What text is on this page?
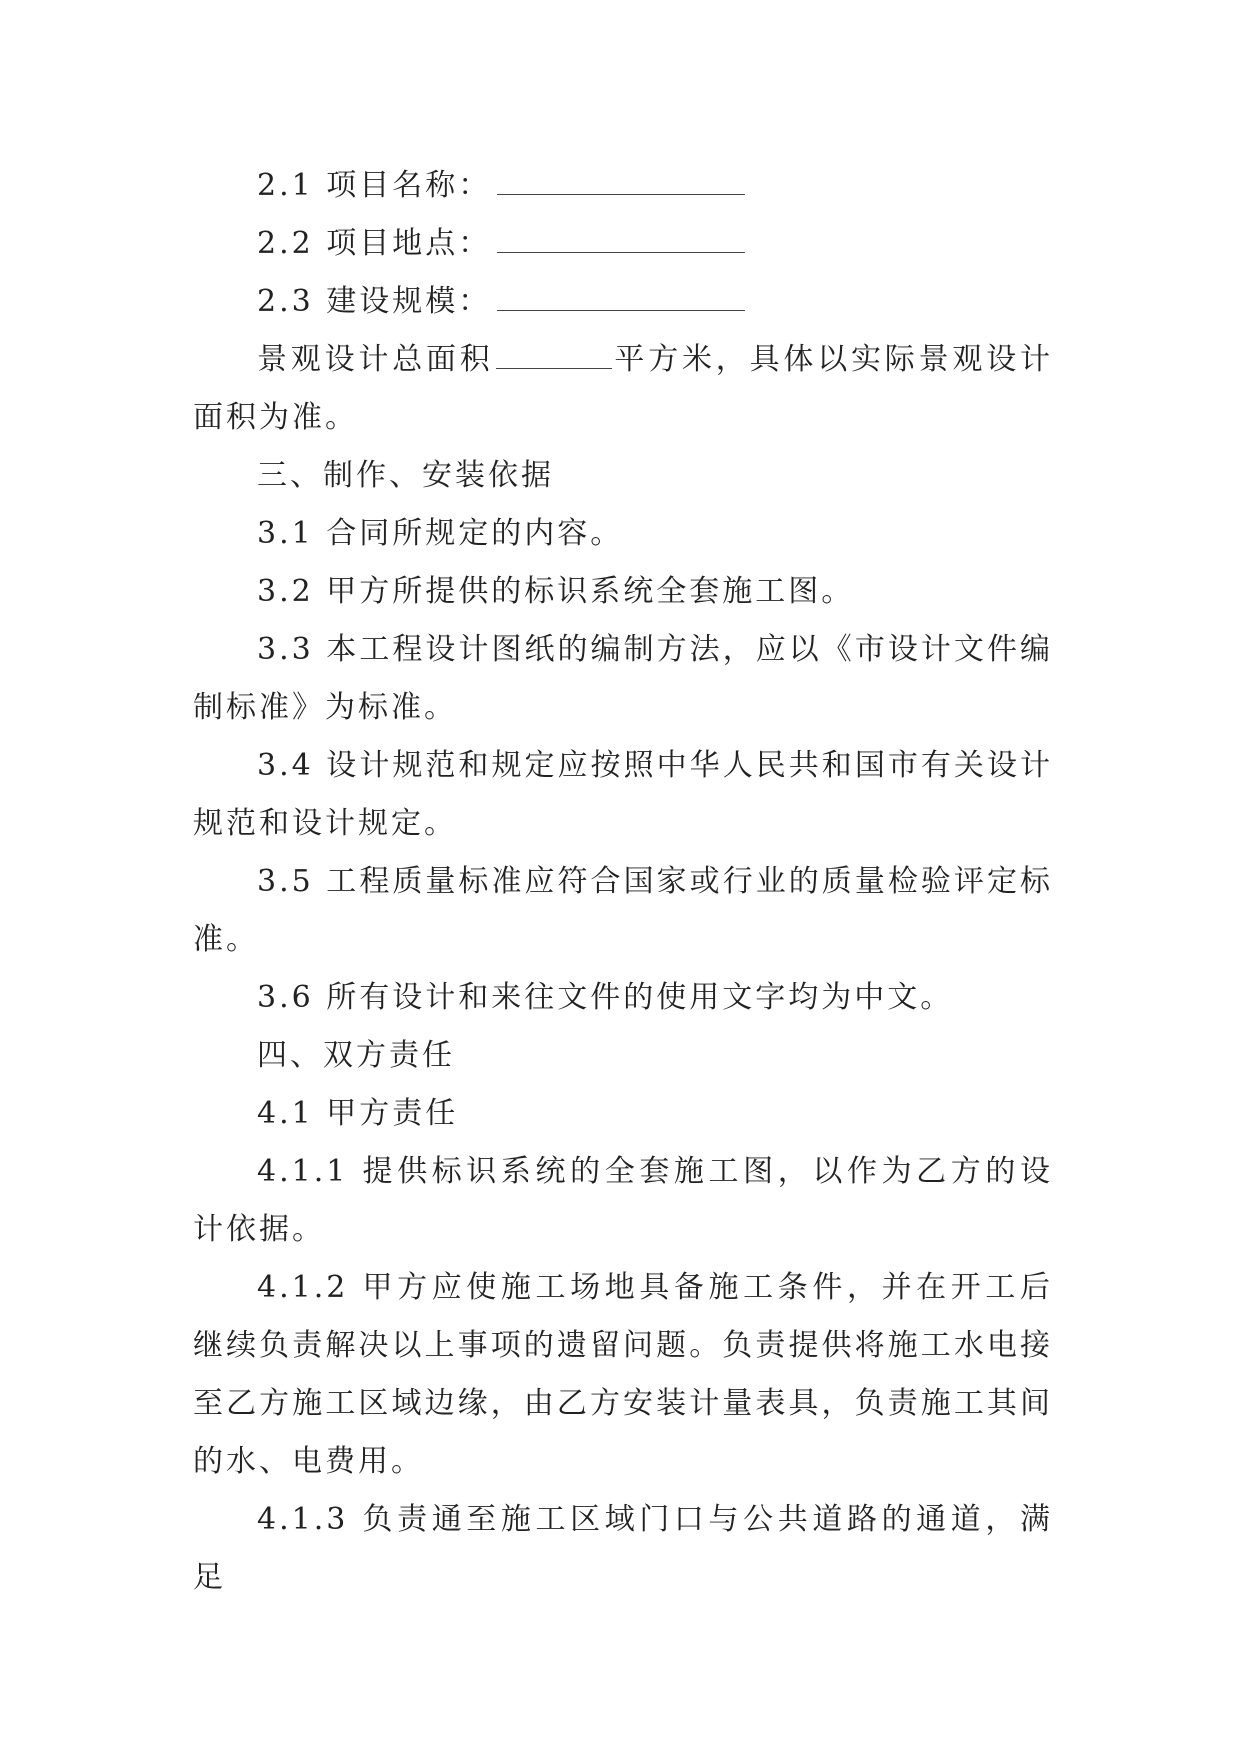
2.1 项目名称：

2.2 项目地点：

2.3 建设规模：

景观设计总面积	平方米，具体以实际景观设计面积为准。

三、制作、安装依据

3.1 合同所规定的内容。

3.2 甲方所提供的标识系统全套施工图。

3.3 本工程设计图纸的编制方法，应以《市设计文件编制标准》为标准。

3.4 设计规范和规定应按照中华人民共和国市有关设计规范和设计规定。

3.5 工程质量标准应符合国家或行业的质量检验评定标准。

3.6 所有设计和来往文件的使用文字均为中文。

四、双方责任

4.1 甲方责任

4.1.1 提供标识系统的全套施工图，以作为乙方的设计依据。

4.1.2 甲方应使施工场地具备施工条件，并在开工后继续负责解决以上事项的遗留问题。负责提供将施工水电接至乙方施工区域边缘，由乙方安装计量表具，负责施工其间的水、电费用。

4.1.3 负责通至施工区域门口与公共道路的通道，满足
